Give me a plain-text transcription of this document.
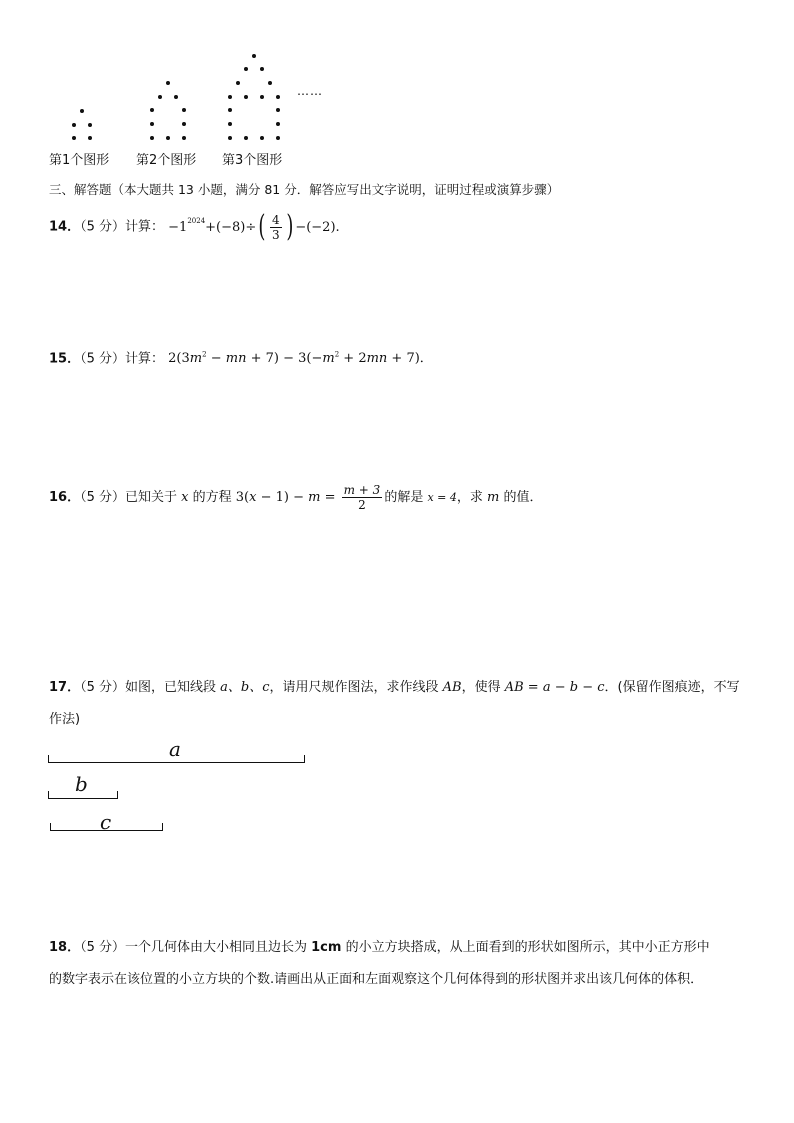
……
第1个图形 第2个图形 第3个图形
三、解答题（本大题共 13 小题，满分 81 分．解答应写出文字说明，证明过程或演算步骤）
14．（5 分）计算： $-1^{2024}+(-8)\div( \frac{4}{3}$ ) −(−2).
15．（5 分）计算： $2(3m^2$ − mn + $7) - 3(-m^2 + 2mn + 7)$．
16．（5 分）已知关于 x 的方程 $3(x - 1) - m = \frac{m + 3}{2}$ 的解是 x = 4，求 m 的值．
17．（5 分）如图，已知线段 a、b、c，请用尺规作图法，求作线段 AB，使得 AB = a − b − c．(保留作图痕迹，不写
作法)
a
b
c
18．（5 分）一个几何体由大小相同且边长为 1cm 的小立方块搭成，从上面看到的形状如图所示，其中小正方形中
的数字表示在该位置的小立方块的个数.请画出从正面和左面观察这个几何体得到的形状图并求出该几何体的体积．
